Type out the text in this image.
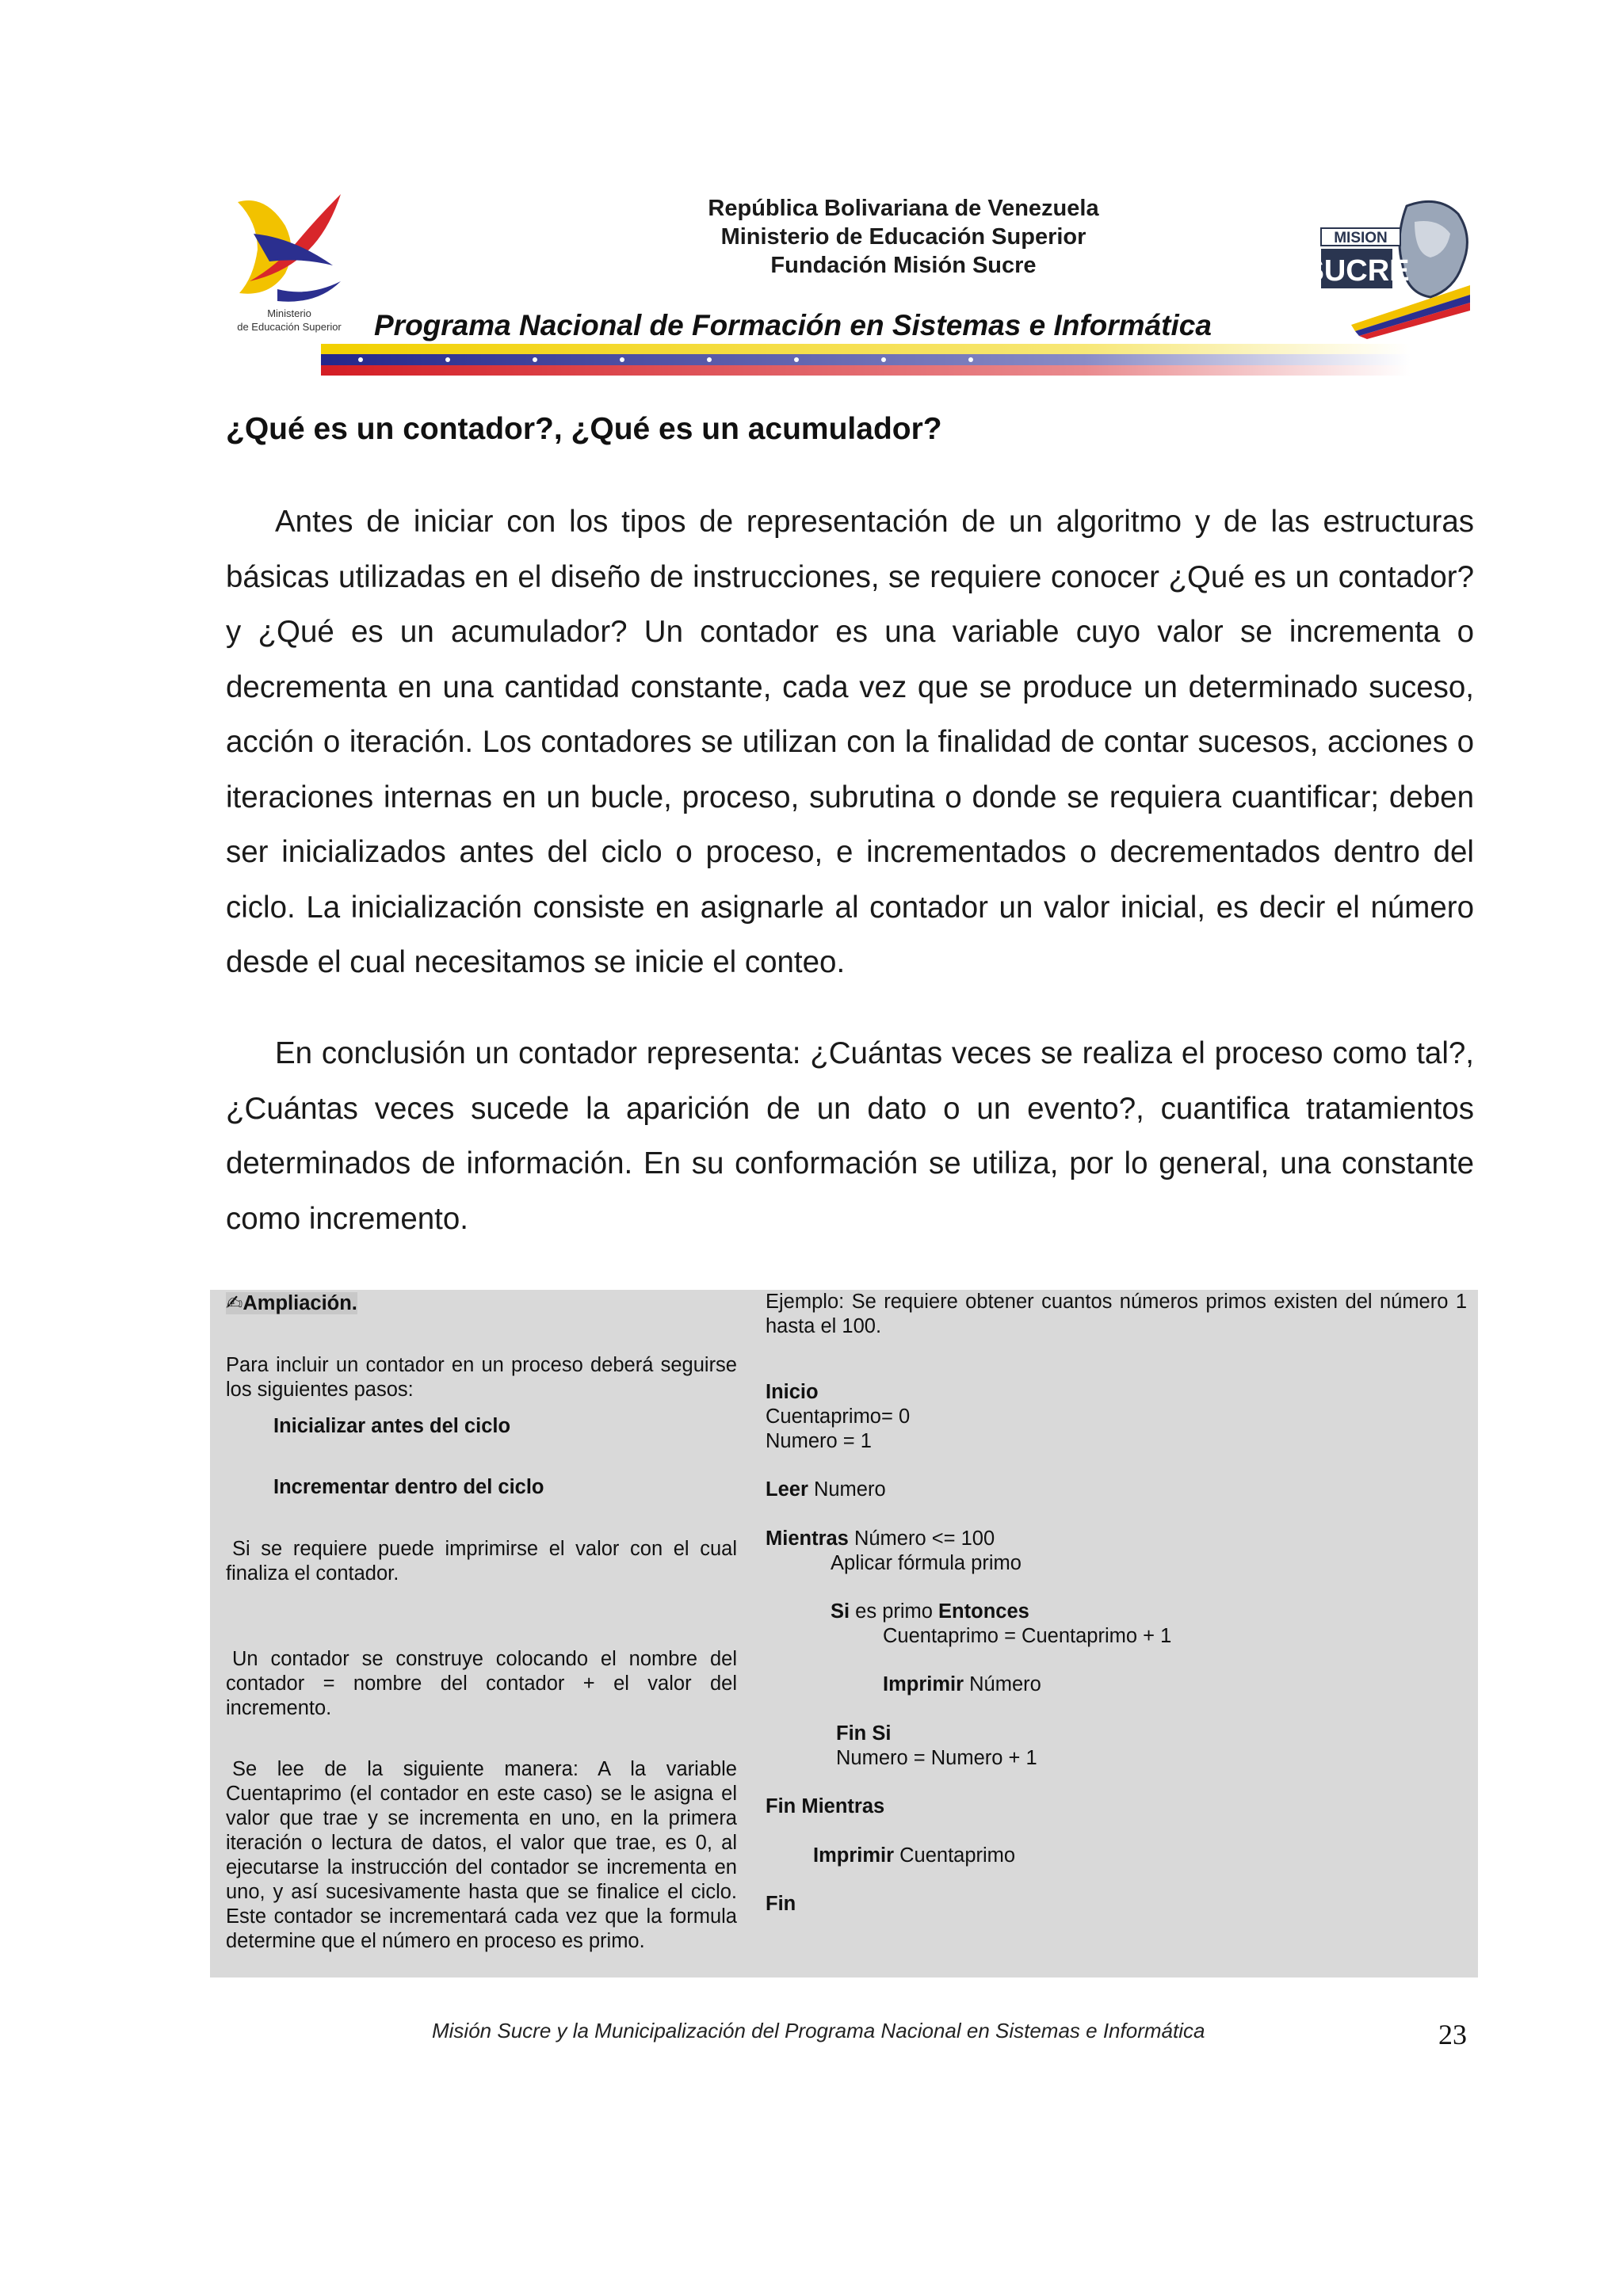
Ministerio
de Educación Superior
República Bolivariana de Venezuela
Ministerio de Educación Superior
Fundación Misión Sucre
MISION
SUCRE
Programa Nacional de Formación en Sistemas e Informática
¿Qué es un contador?, ¿Qué es un acumulador?

Antes de iniciar con los tipos de representación de un algoritmo y de las estructuras básicas utilizadas en el diseño de instrucciones, se requiere conocer ¿Qué es un contador? y ¿Qué es un acumulador? Un contador es una variable cuyo valor se incrementa o decrementa en una cantidad constante, cada vez que se produce un determinado suceso, acción o iteración. Los contadores se utilizan con la finalidad de contar sucesos, acciones o iteraciones internas en un bucle, proceso, subrutina o donde se requiera cuantificar; deben ser inicializados antes del ciclo o proceso, e incrementados o decrementados dentro del ciclo. La inicialización consiste en asignarle al contador un valor inicial, es decir el número desde el cual necesitamos se inicie el conteo.

En conclusión un contador representa: ¿Cuántas veces se realiza el proceso como tal?, ¿Cuántas veces sucede la aparición de un dato o un evento?, cuantifica tratamientos determinados de información. En su conformación se utiliza, por lo general, una constante como incremento.

✍Ampliación.
Para incluir un contador en un proceso deberá seguirse los siguientes pasos:
Inicializar antes del ciclo
Incrementar dentro del ciclo
Si se requiere puede imprimirse el valor con el cual finaliza el contador.
Un contador se construye colocando el nombre del contador = nombre del contador + el valor del incremento.
Se lee de la siguiente manera: A la variable Cuentaprimo (el contador en este caso) se le asigna el valor que trae y se incrementa en uno, en la primera iteración o lectura de datos, el valor que trae, es 0, al ejecutarse la instrucción del contador se incrementa en uno, y así sucesivamente hasta que se finalice el ciclo. Este contador se incrementará cada vez que la formula determine que el número en proceso es primo.
Ejemplo: Se requiere obtener cuantos números primos existen del número 1 hasta el 100.
Inicio
Cuentaprimo= 0
Numero = 1
Leer Numero
Mientras Número <= 100
Aplicar fórmula primo
Si es primo Entonces
Cuentaprimo = Cuentaprimo + 1
Imprimir Número
Fin Si
Numero = Numero + 1
Fin Mientras
Imprimir Cuentaprimo
Fin
Misión Sucre y la Municipalización del Programa Nacional en Sistemas e Informática	23
